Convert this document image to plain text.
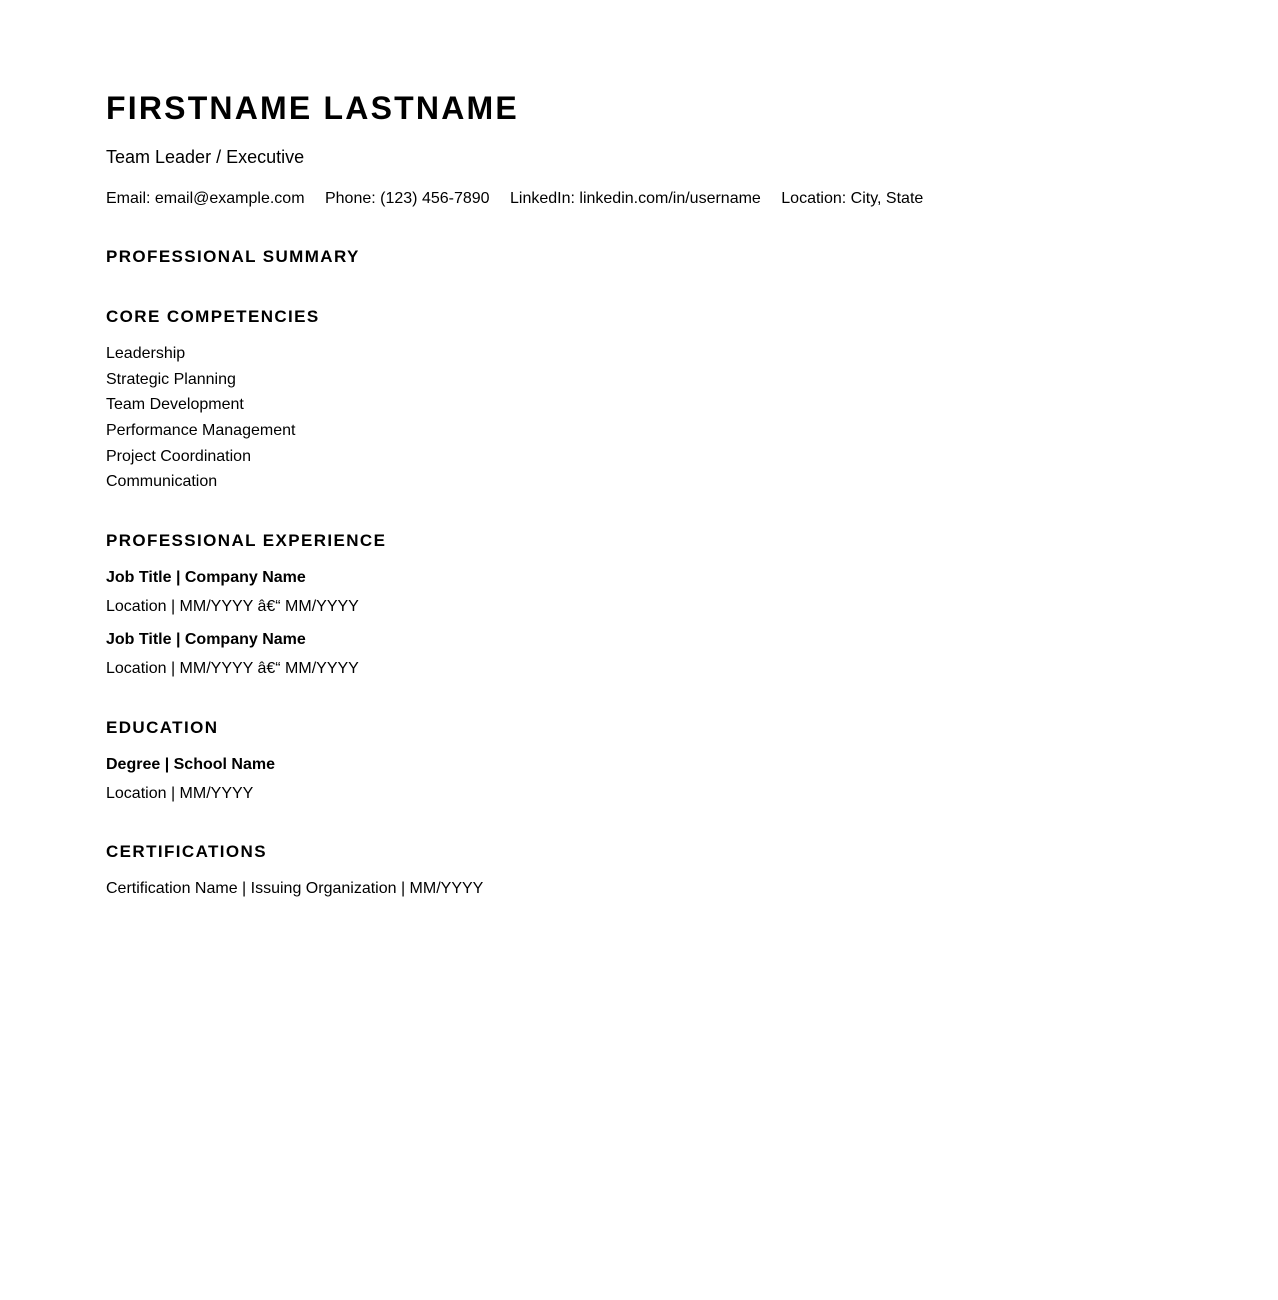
FIRSTNAME LASTNAME
Team Leader / Executive
Email: email@example.com Phone: (123) 456-7890 LinkedIn: linkedin.com/in/username Location: City, State
PROFESSIONAL SUMMARY
CORE COMPETENCIES
Leadership
Strategic Planning
Team Development
Performance Management
Project Coordination
Communication
PROFESSIONAL EXPERIENCE
Job Title | Company Name
Location | MM/YYYY â€“ MM/YYYY
Job Title | Company Name
Location | MM/YYYY â€“ MM/YYYY
EDUCATION
Degree | School Name
Location | MM/YYYY
CERTIFICATIONS
Certification Name | Issuing Organization | MM/YYYY
